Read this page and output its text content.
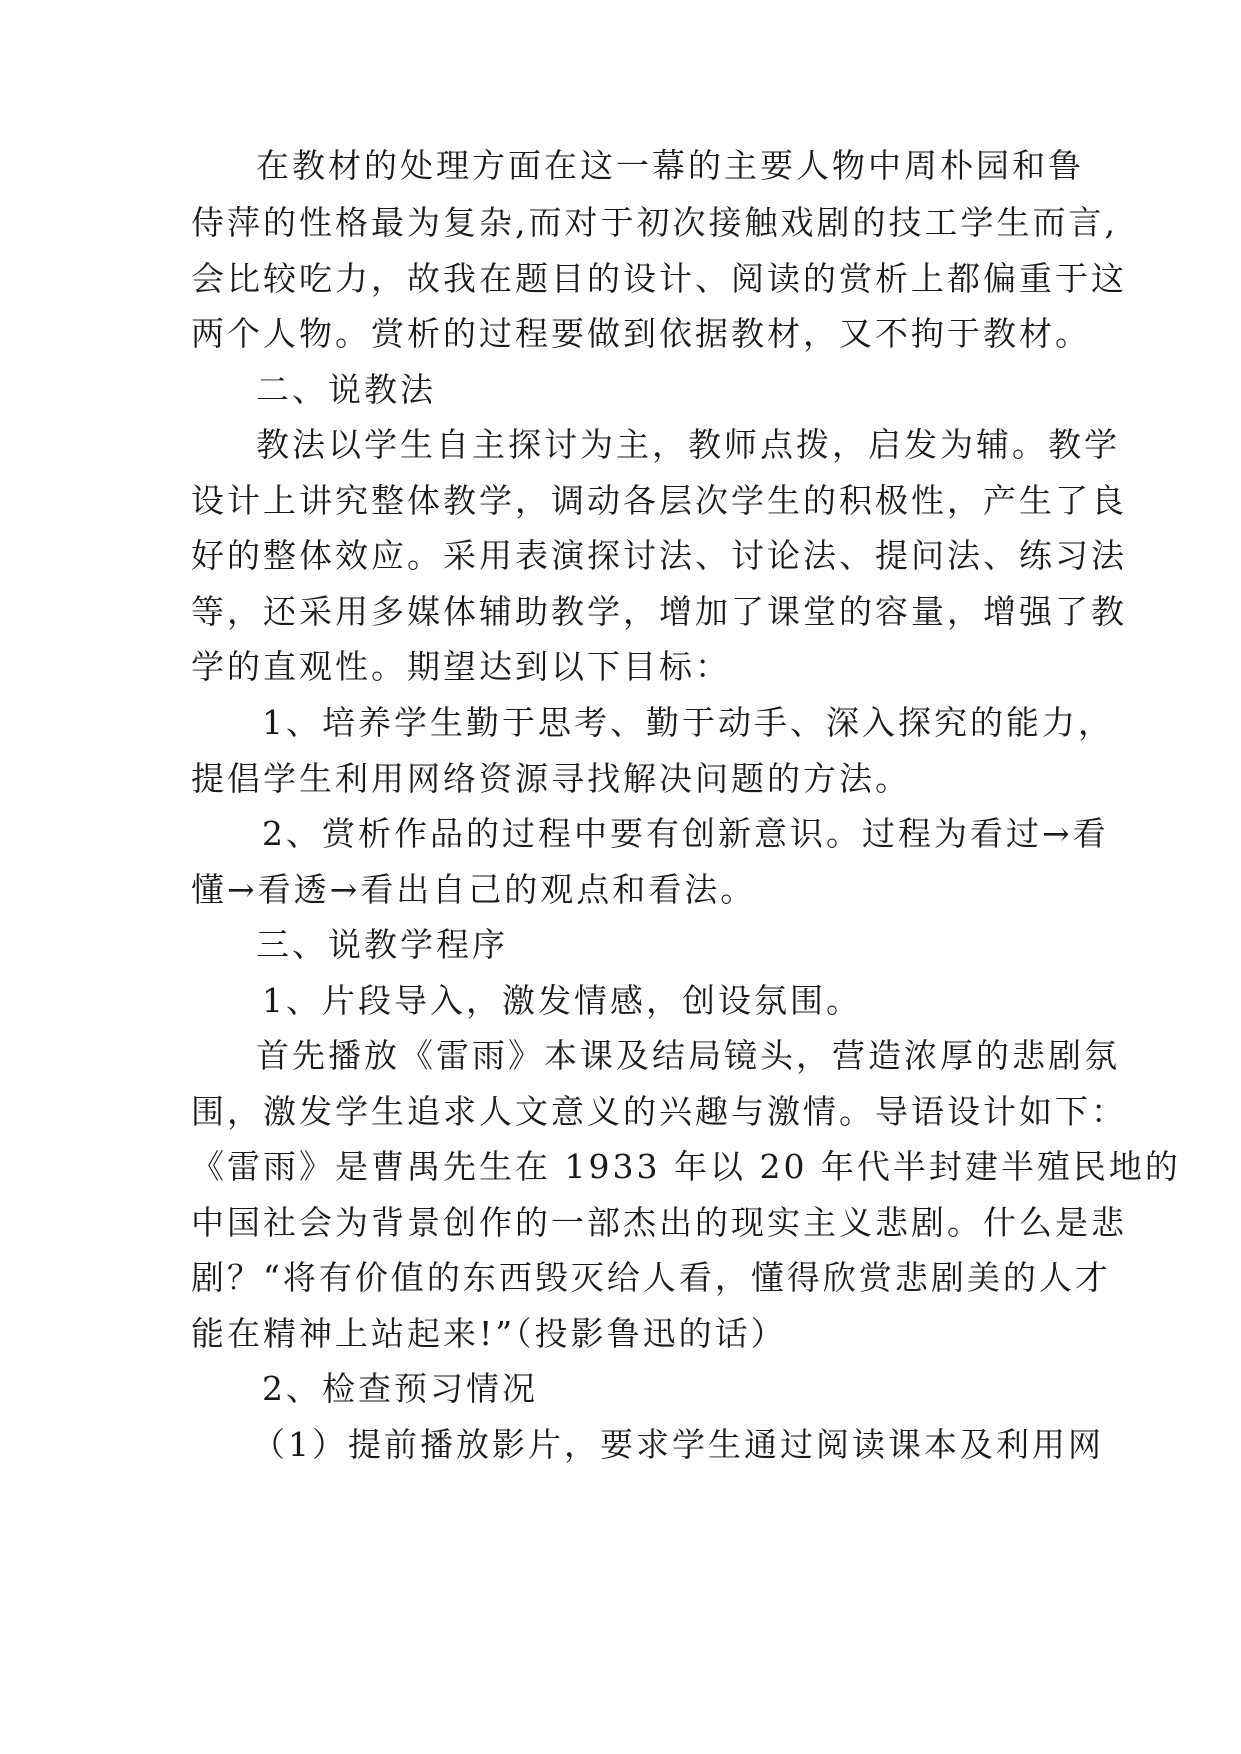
在教材的处理方面在这一幕的主要人物中周朴园和鲁
侍萍的性格最为复杂,而对于初次接触戏剧的技工学生而言,
会比较吃力，故我在题目的设计、阅读的赏析上都偏重于这
两个人物。赏析的过程要做到依据教材，又不拘于教材。
二、说教法
教法以学生自主探讨为主，教师点拨，启发为辅。教学
设计上讲究整体教学，调动各层次学生的积极性，产生了良
好的整体效应。采用表演探讨法、讨论法、提问法、练习法
等，还采用多媒体辅助教学，增加了课堂的容量，增强了教
学的直观性。期望达到以下目标：
1、培养学生勤于思考、勤于动手、深入探究的能力，
提倡学生利用网络资源寻找解决问题的方法。
2、赏析作品的过程中要有创新意识。过程为看过→看
懂→看透→看出自己的观点和看法。
三、说教学程序
1、片段导入，激发情感，创设氛围。
首先播放《雷雨》本课及结局镜头，营造浓厚的悲剧氛
围，激发学生追求人文意义的兴趣与激情。导语设计如下：
《雷雨》是曹禺先生在 1933 年以 20 年代半封建半殖民地的
中国社会为背景创作的一部杰出的现实主义悲剧。什么是悲
剧？“将有价值的东西毁灭给人看，懂得欣赏悲剧美的人才
能在精神上站起来!”（投影鲁迅的话）
2、检查预习情况
（1）提前播放影片，要求学生通过阅读课本及利用网
